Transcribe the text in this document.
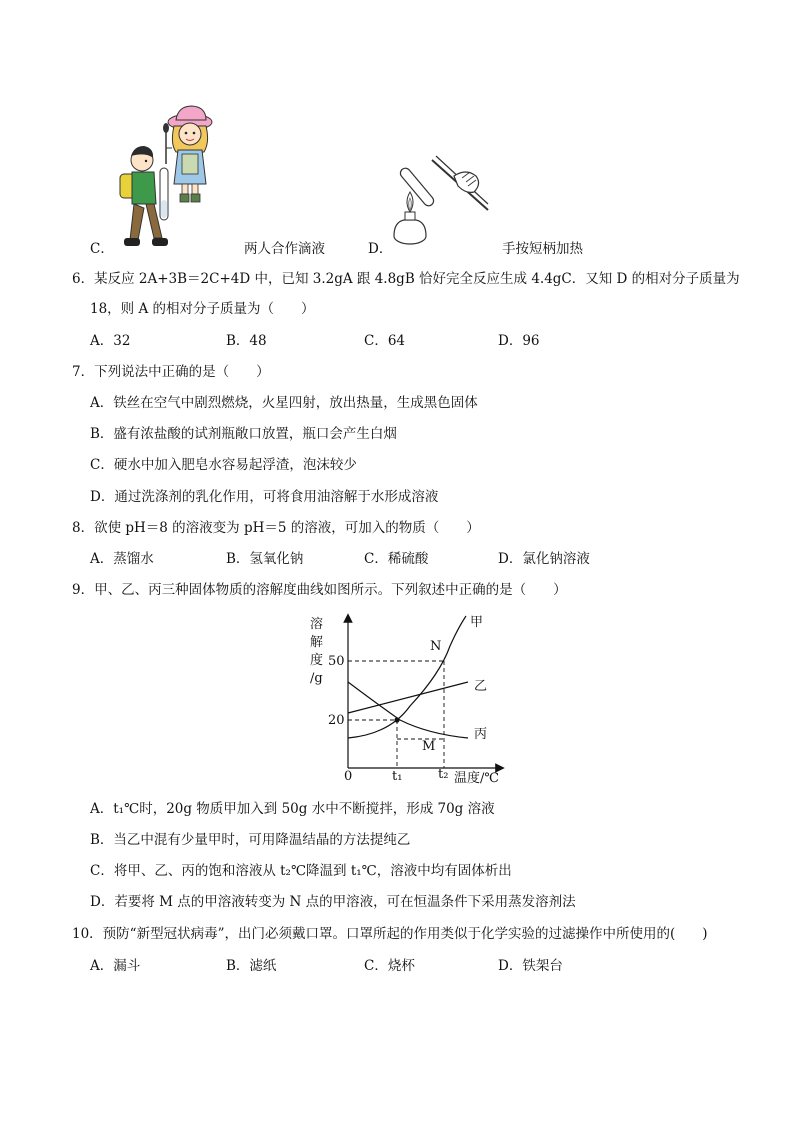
C．	两人合作滴液	D．	手按短柄加热
6．某反应 2A+3B＝2C+4D 中，已知 3.2gA 跟 4.8gB 恰好完全反应生成 4.4gC．又知 D 的相对分子质量为
18，则 A 的相对分子质量为（　　）
A．32	B．48	C．64	D．96
7．下列说法中正确的是（　　）
A．铁丝在空气中剧烈燃烧，火星四射，放出热量，生成黑色固体
B．盛有浓盐酸的试剂瓶敞口放置，瓶口会产生白烟
C．硬水中加入肥皂水容易起浮渣，泡沫较少
D．通过洗涤剂的乳化作用，可将食用油溶解于水形成溶液
8．欲使 pH＝8 的溶液变为 pH＝5 的溶液，可加入的物质（　　）
A．蒸馏水	B．氢氧化钠	C．稀硫酸	D．氯化钠溶液
9．甲、乙、丙三种固体物质的溶解度曲线如图所示。下列叙述中正确的是（　　）
溶
解
度
/g
50
20
0	t₁	t₂ 温度/℃
甲
乙
丙
N
M
A．t₁℃时，20g 物质甲加入到 50g 水中不断搅拌，形成 70g 溶液
B．当乙中混有少量甲时，可用降温结晶的方法提纯乙
C．将甲、乙、丙的饱和溶液从 t₂℃降温到 t₁℃，溶液中均有固体析出
D．若要将 M 点的甲溶液转变为 N 点的甲溶液，可在恒温条件下采用蒸发溶剂法
10．预防“新型冠状病毒”，出门必须戴口罩。口罩所起的作用类似于化学实验的过滤操作中所使用的(　　)
A．漏斗	B．滤纸	C．烧杯	D．铁架台
